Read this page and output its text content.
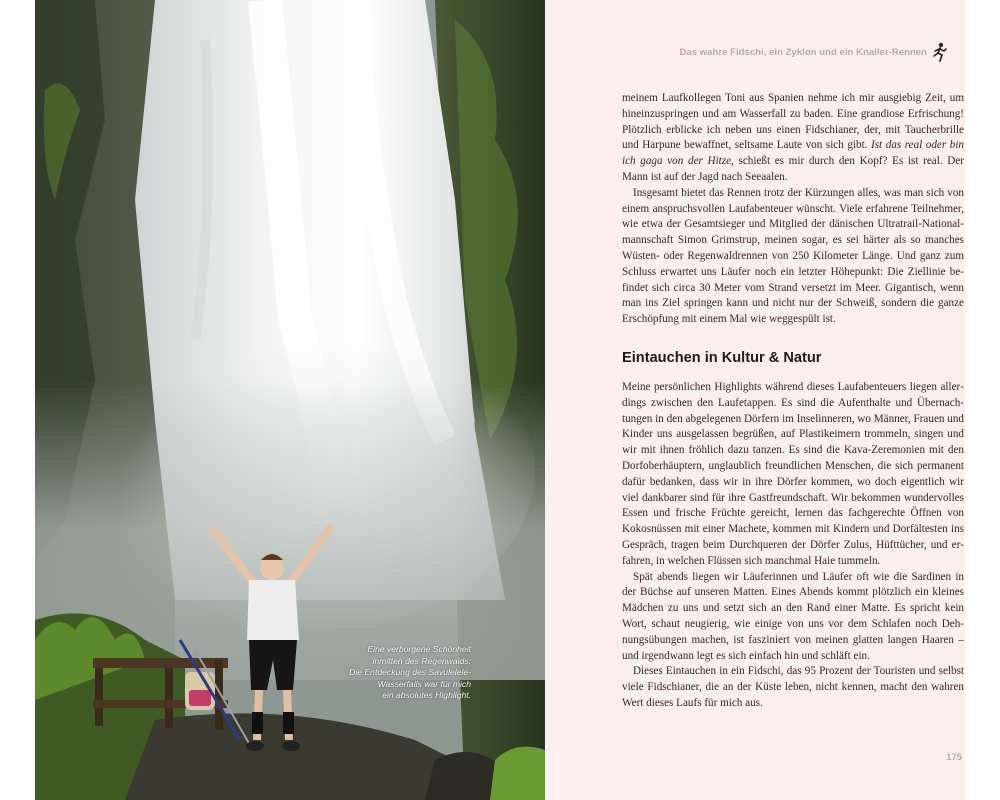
Eine verborgene Schönheit
inmitten des Regenwalds:
Die Entdeckung des Savulelele-
Wasserfalls war für mich
ein absolutes Highlight.
Das wahre Fidschi, ein Zyklon und ein Knaller-Rennen

meinem Laufkollegen Toni aus Spanien nehme ich mir ausgiebig Zeit, um hineinzuspringen und am Wasserfall zu baden. Eine grandiose Erfrischung! Plötzlich erblicke ich neben uns einen Fidschianer, der, mit Taucherbrille und Harpune bewaffnet, seltsame Laute von sich gibt. Ist das real oder bin ich gaga von der Hitze, schießt es mir durch den Kopf? Es ist real. Der Mann ist auf der Jagd nach Seeaalen.

Insgesamt bietet das Rennen trotz der Kürzungen alles, was man sich von einem anspruchsvollen Laufabenteuer wünscht. Viele erfahrene Teilnehmer, wie etwa der Gesamtsieger und Mitglied der dänischen Ultratrail-Nationalmannschaft Simon Grimstrup, meinen sogar, es sei härter als so manches Wüsten- oder Regenwaldrennen von 250 Kilometer Länge. Und ganz zum Schluss erwartet uns Läufer noch ein letzter Höhepunkt: Die Ziellinie befindet sich circa 30 Meter vom Strand versetzt im Meer. Gigantisch, wenn man ins Ziel springen kann und nicht nur der Schweiß, sondern die ganze Erschöpfung mit einem Mal wie weggespült ist.

Eintauchen in Kultur & Natur

Meine persönlichen Highlights während dieses Laufabenteuers liegen allerdings zwischen den Laufetappen. Es sind die Aufenthalte und Übernachtungen in den abgelegenen Dörfern im Inselinneren, wo Männer, Frauen und Kinder uns ausgelassen begrüßen, auf Plastikeimern trommeln, singen und wir mit ihnen fröhlich dazu tanzen. Es sind die Kava-Zeremonien mit den Dorfoberhäuptern, unglaublich freundlichen Menschen, die sich permanent dafür bedanken, dass wir in ihre Dörfer kommen, wo doch eigentlich wir viel dankbarer sind für ihre Gastfreundschaft. Wir bekommen wundervolles Essen und frische Früchte gereicht, lernen das fachgerechte Öffnen von Kokosnüssen mit einer Machete, kommen mit Kindern und Dorfältesten ins Gespräch, tragen beim Durchqueren der Dörfer Zulus, Hüfttücher, und erfahren, in welchen Flüssen sich manchmal Haie tummeln.

Spät abends liegen wir Läuferinnen und Läufer oft wie die Sardinen in der Büchse auf unseren Matten. Eines Abends kommt plötzlich ein kleines Mädchen zu uns und setzt sich an den Rand einer Matte. Es spricht kein Wort, schaut neugierig, wie einige von uns vor dem Schlafen noch Dehnungsübungen machen, ist fasziniert von meinen glatten langen Haaren – und irgendwann legt es sich einfach hin und schläft ein.

Dieses Eintauchen in ein Fidschi, das 95 Prozent der Touristen und selbst viele Fidschianer, die an der Küste leben, nicht kennen, macht den wahren Wert dieses Laufs für mich aus.

175
